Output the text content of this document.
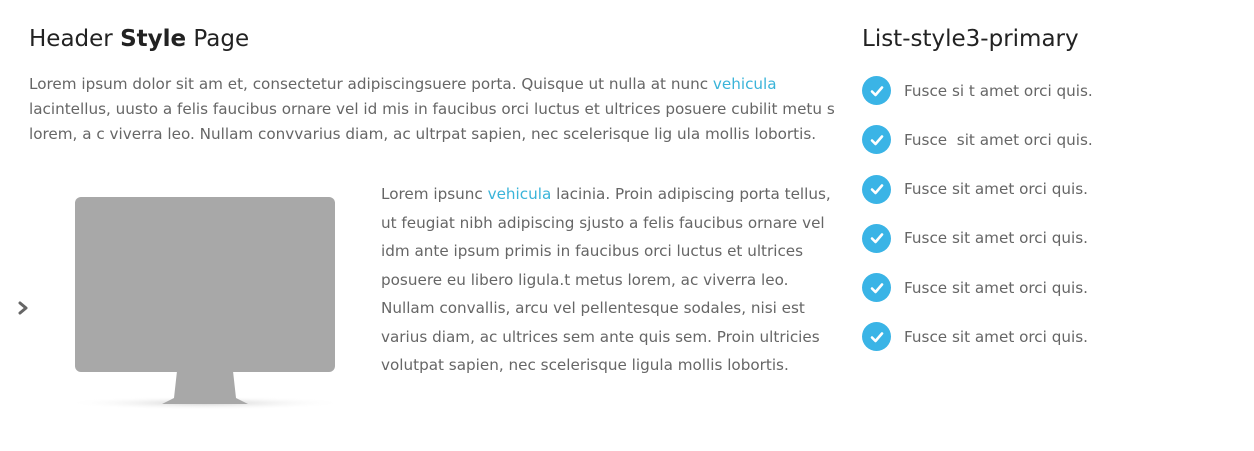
Header Style Page

Lorem ipsum dolor sit am et, consectetur adipiscingsuere porta. Quisque ut nulla at nunc vehicula lacintellus, uusto a felis faucibus ornare vel id mis in faucibus orci luctus et ultrices posuere cubilit metu s lorem, a c viverra leo. Nullam convvarius diam, ac ultrpat sapien, nec scelerisque lig ula mollis lobortis.

Lorem ipsunc vehicula lacinia. Proin adipiscing porta tellus, ut feugiat nibh adipiscing sjusto a felis faucibus ornare vel idm ante ipsum primis in faucibus orci luctus et ultrices posuere eu libero ligula.t metus lorem, ac viverra leo. Nullam convallis, arcu vel pellentesque sodales, nisi est varius diam, ac ultrices sem ante quis sem. Proin ultricies volutpat sapien, nec scelerisque ligula mollis lobortis.

List-style3-primary
Fusce si t amet orci quis.
Fusce  sit amet orci quis.
Fusce sit amet orci quis.
Fusce sit amet orci quis.
Fusce sit amet orci quis.
Fusce sit amet orci quis.
